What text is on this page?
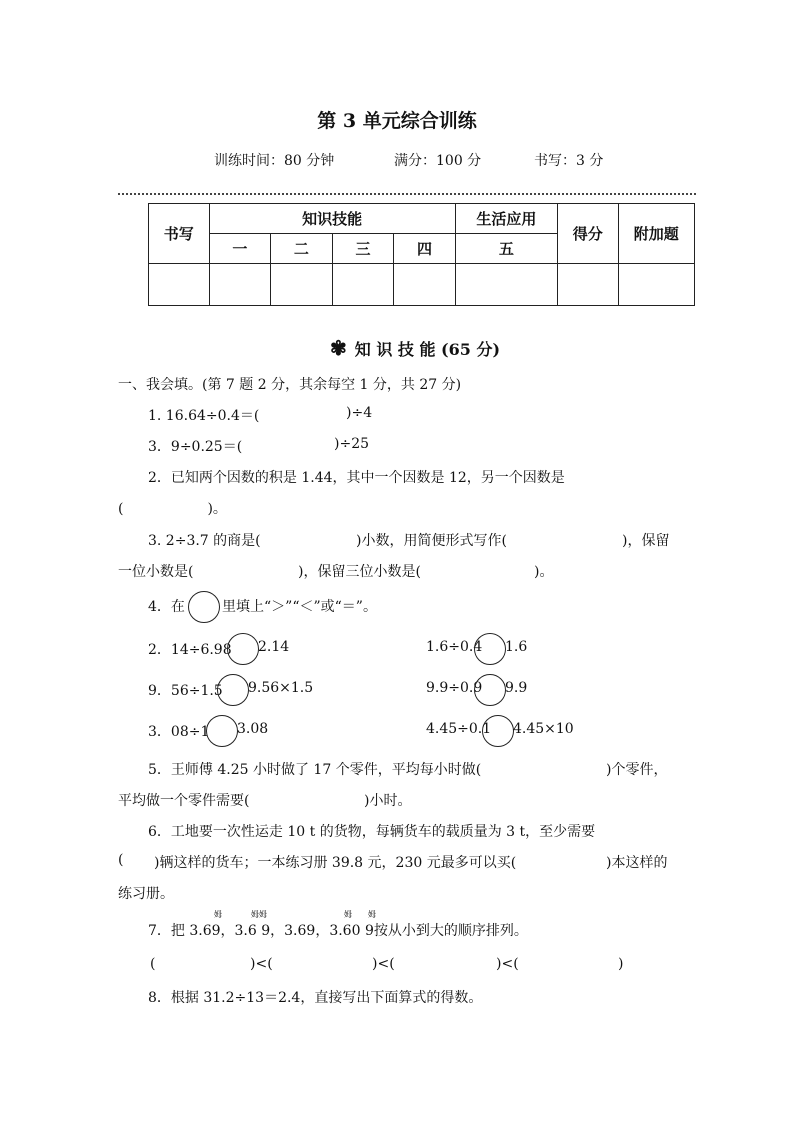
第 3 单元综合训练
训练时间：80 分钟	满分：100 分	书写：3 分
书写	知识技能				生活应用	得分	附加题
	一	二	三	四	五		

✾ 知 识 技 能 (65 分)
一、我会填。(第 7 题 2 分，其余每空 1 分，共 27 分)
1. 16.64÷0.4＝(	)÷4
3．9÷0.25＝(	)÷25
2．已知两个因数的积是 1.44，其中一个因数是 12，另一个因数是
(　　　　　　)。
3. 2÷3.7 的商是(	)小数，用简便形式写作(	)，保留
一位小数是(	)，保留三位小数是(	)。
4．在	里填上“＞”“＜”或“＝”。
2．14÷6.98 2.14	1.6÷0.4 1.6
9．56÷1.5 9.56×1.5	9.9÷0.9 9.9
3．08÷1 3.08	4.45÷0.1 4.45×10
5．王师傅 4.25 小时做了 17 个零件，平均每小时做(	)个零件，
平均做一个零件需要(	)小时。
6．工地要一次性运走 10 t 的货物，每辆货车的载质量为 3 t，至少需要
( )辆这样的货车；一本练习册 39.8 元，230 元最多可以买(	)本这样的
练习册。
姆	姆姆	姆 姆
7．把 3.69，3.6 9，3.69，3.60 9按从小到大的顺序排列。
(	)<(	)<(	)<(	)
8．根据 31.2÷13＝2.4，直接写出下面算式的得数。
